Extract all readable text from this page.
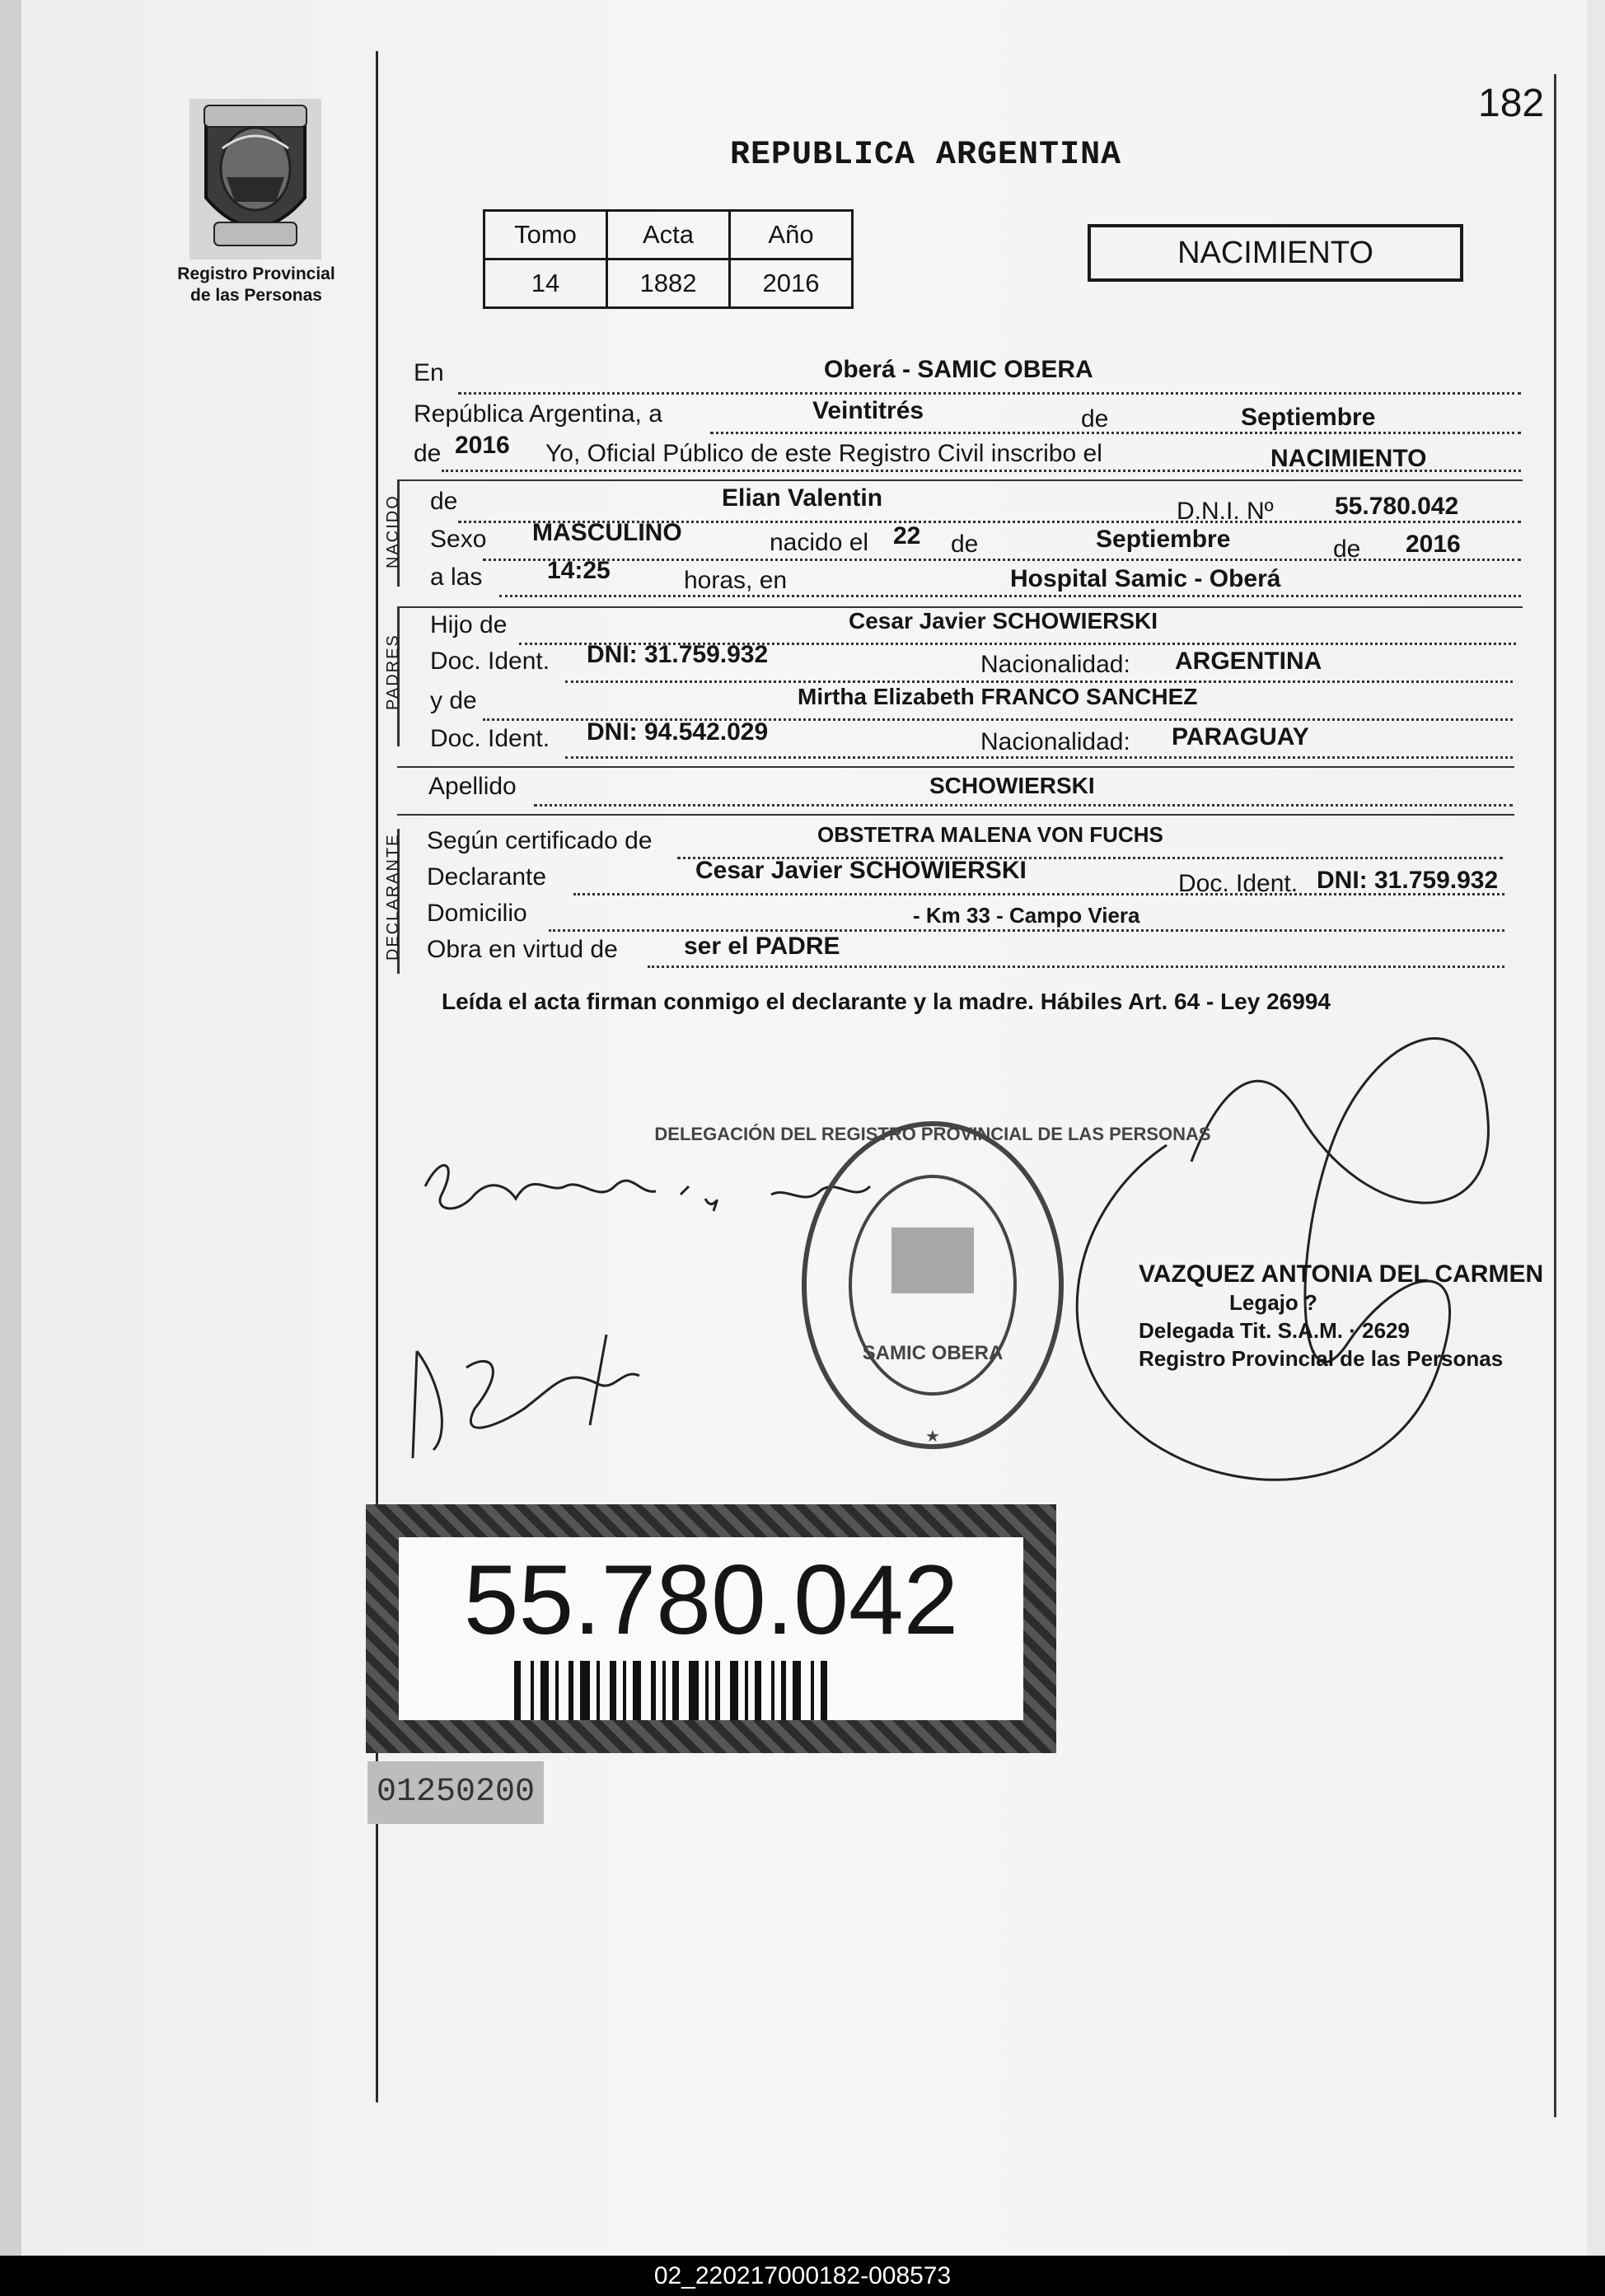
Registro Provincial
de las Personas
182
REPUBLICA ARGENTINA
Tomo	Acta	Año
14	1882	2016
NACIMIENTO
En	Oberá - SAMIC OBERA
República Argentina, a	Veintitrés	de	Septiembre
de 2016 Yo, Oficial Público de este Registro Civil inscribo el	NACIMIENTO
NACIDO de	Elian Valentin	D.N.I. Nº 55.780.042
Sexo MASCULINO	nacido el 22 de	Septiembre	de 2016
a las	14:25	horas, en	Hospital Samic - Oberá
PADRES
Hijo de	Cesar Javier SCHOWIERSKI
Doc. Ident. DNI: 31.759.932	Nacionalidad: ARGENTINA
y de	Mirtha Elizabeth FRANCO SANCHEZ
Doc. Ident. DNI: 94.542.029	Nacionalidad: PARAGUAY
Apellido	SCHOWIERSKI
DECLARANTE Según certificado de	OBSTETRA MALENA VON FUCHS
Declarante	Cesar Javier SCHOWIERSKI	Doc. Ident. DNI: 31.759.932
Domicilio	- Km 33 - Campo Viera
Obra en virtud de	ser el PADRE
Leída el acta firman conmigo el declarante y la madre. Hábiles Art. 64 - Ley 26994
DELEGACIÓN DEL REGISTRO PROVINCIAL DE LAS PERSONAS
SAMIC OBERA
★
VAZQUEZ ANTONIA DEL CARMEN
Legajo ?
Delegada Tit. S.A.M. · 2629
Registro Provincial de las Personas
55.780.042
01250200
02_220217000182-008573
